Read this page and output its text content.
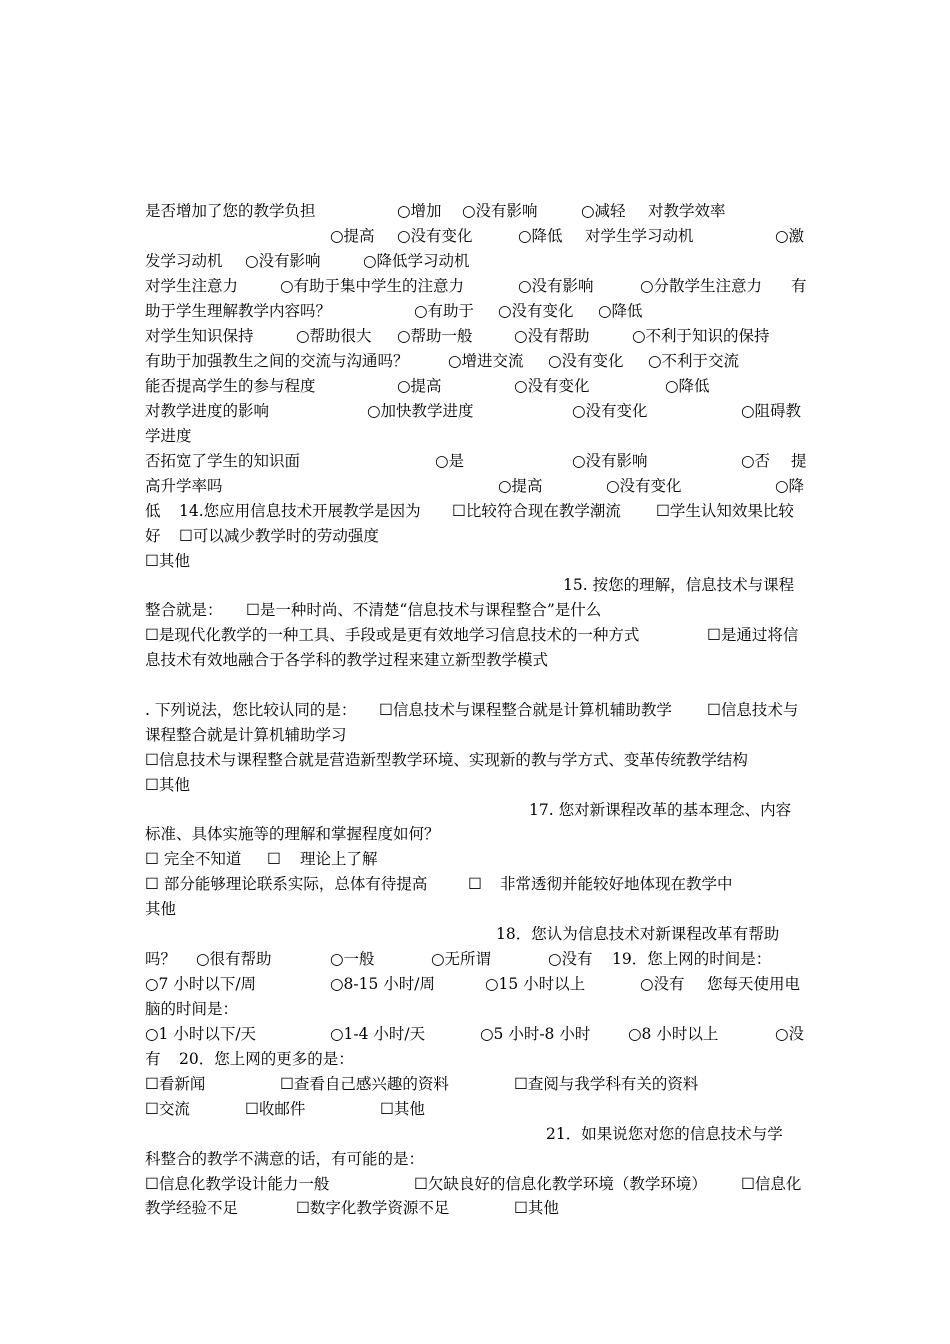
是否增加了您的教学负担	○增加 ○没有影响	○减轻 对教学效率
○提高 ○没有变化	○降低 对学生学习动机	○激
发学习动机 ○没有影响	○降低学习动机
对学生注意力	○有助于集中学生的注意力	○没有影响	○分散学生注意力 有
助于学生理解教学内容吗？	○有助于 ○没有变化 ○降低
对学生知识保持	○帮助很大 ○帮助一般	○没有帮助	○不利于知识的保持
有助于加强教生之间的交流与沟通吗？	○增进交流 ○没有变化 ○不利于交流
能否提高学生的参与程度	○提高	○没有变化	○降低
对教学进度的影响	○加快教学进度	○没有变化	○阻碍教
学进度
否拓宽了学生的知识面	○是	○没有影响	○否 提
高升学率吗	○提高	○没有变化	○降
低 14.您应用信息技术开展教学是因为 ☐比较符合现在教学潮流 ☐学生认知效果比较
好 ☐可以减少教学时的劳动强度
☐其他
15. 按您的理解，信息技术与课程
整合就是： ☐是一种时尚、不清楚“信息技术与课程整合”是什么
☐是现代化教学的一种工具、手段或是更有效地学习信息技术的一种方式	☐是通过将信
息技术有效地融合于各学科的教学过程来建立新型教学模式
. 下列说法，您比较认同的是： ☐信息技术与课程整合就是计算机辅助教学 ☐信息技术与
课程整合就是计算机辅助学习
☐信息技术与课程整合就是营造新型教学环境、实现新的教与学方式、变革传统教学结构
☐其他
17. 您对新课程改革的基本理念、内容
标准、具体实施等的理解和掌握程度如何？
☐ 完全不知道 ☐ 理论上了解
☐ 部分能够理论联系实际，总体有待提高	☐ 非常透彻并能较好地体现在教学中
其他
18．您认为信息技术对新课程改革有帮助
吗？ ○很有帮助	○一般	○无所谓	○没有 19．您上网的时间是：
○7 小时以下/周	○8-15 小时/周	○15 小时以上	○没有 您每天使用电
脑的时间是：
○1 小时以下/天	○1-4 小时/天	○5 小时-8 小时 ○8 小时以上	○没
有 20．您上网的更多的是：
☐看新闻	☐查看自己感兴趣的资料	☐查阅与我学科有关的资料
☐交流	☐收邮件	☐其他
21．如果说您对您的信息技术与学
科整合的教学不满意的话，有可能的是：
☐信息化教学设计能力一般	☐欠缺良好的信息化教学环境（教学环境） ☐信息化
教学经验不足	☐数字化教学资源不足	☐其他
